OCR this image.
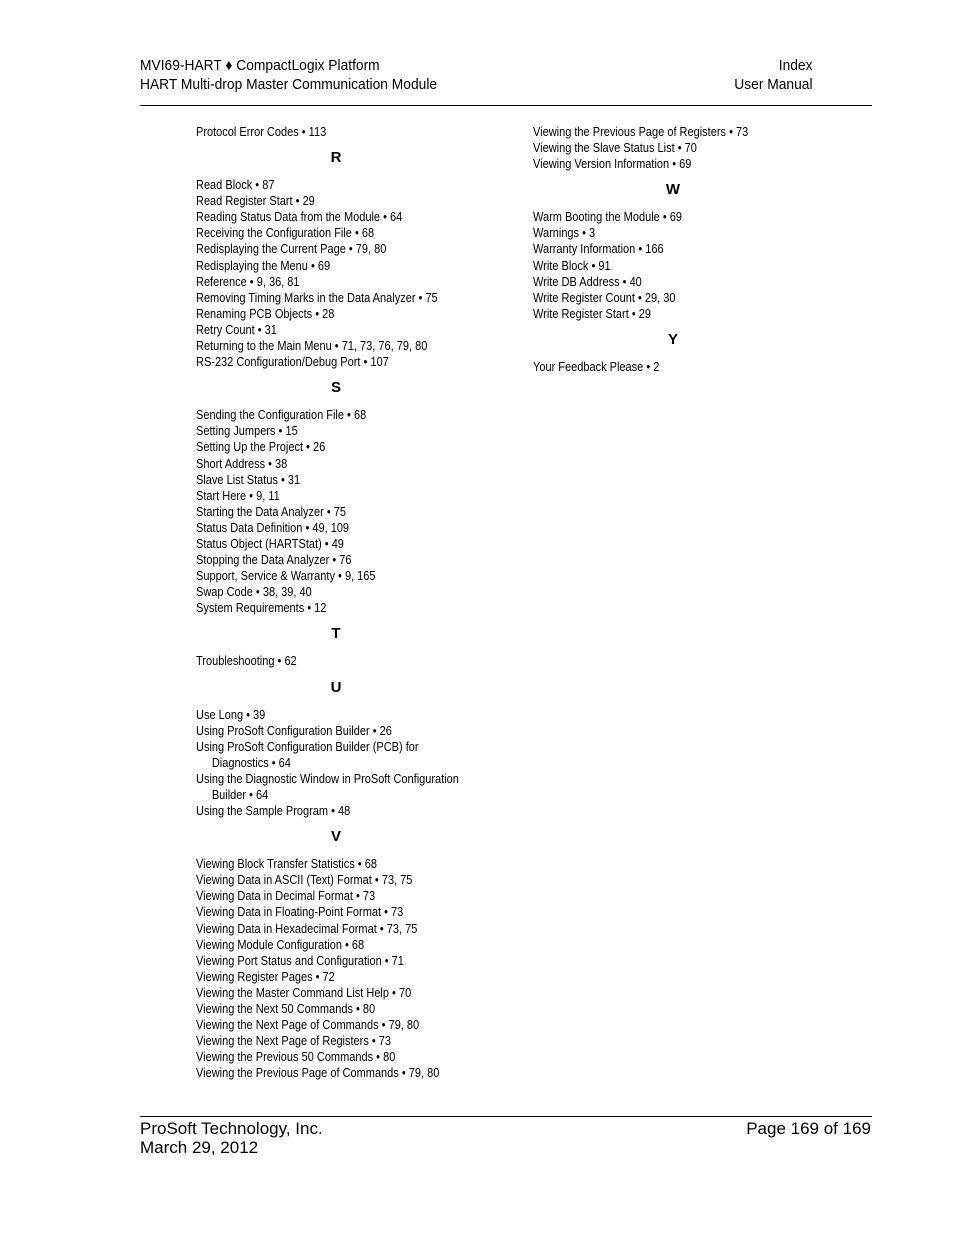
MVI69-HART ♦ CompactLogix Platform
HART Multi-drop Master Communication Module
Index
User Manual
Protocol Error Codes • 113
R
Read Block • 87
Read Register Start • 29
Reading Status Data from the Module • 64
Receiving the Configuration File • 68
Redisplaying the Current Page • 79, 80
Redisplaying the Menu • 69
Reference • 9, 36, 81
Removing Timing Marks in the Data Analyzer • 75
Renaming PCB Objects • 28
Retry Count • 31
Returning to the Main Menu • 71, 73, 76, 79, 80
RS-232 Configuration/Debug Port • 107
S
Sending the Configuration File • 68
Setting Jumpers • 15
Setting Up the Project • 26
Short Address • 38
Slave List Status • 31
Start Here • 9, 11
Starting the Data Analyzer • 75
Status Data Definition • 49, 109
Status Object (HARTStat) • 49
Stopping the Data Analyzer • 76
Support, Service & Warranty • 9, 165
Swap Code • 38, 39, 40
System Requirements • 12
T
Troubleshooting • 62
U
Use Long • 39
Using ProSoft Configuration Builder • 26
Using ProSoft Configuration Builder (PCB) for
Diagnostics • 64
Using the Diagnostic Window in ProSoft Configuration
Builder • 64
Using the Sample Program • 48
V
Viewing Block Transfer Statistics • 68
Viewing Data in ASCII (Text) Format • 73, 75
Viewing Data in Decimal Format • 73
Viewing Data in Floating-Point Format • 73
Viewing Data in Hexadecimal Format • 73, 75
Viewing Module Configuration • 68
Viewing Port Status and Configuration • 71
Viewing Register Pages • 72
Viewing the Master Command List Help • 70
Viewing the Next 50 Commands • 80
Viewing the Next Page of Commands • 79, 80
Viewing the Next Page of Registers • 73
Viewing the Previous 50 Commands • 80
Viewing the Previous Page of Commands • 79, 80
Viewing the Previous Page of Registers • 73
Viewing the Slave Status List • 70
Viewing Version Information • 69
W
Warm Booting the Module • 69
Warnings • 3
Warranty Information • 166
Write Block • 91
Write DB Address • 40
Write Register Count • 29, 30
Write Register Start • 29
Y
Your Feedback Please • 2
ProSoft Technology, Inc.
March 29, 2012
Page 169 of 169
